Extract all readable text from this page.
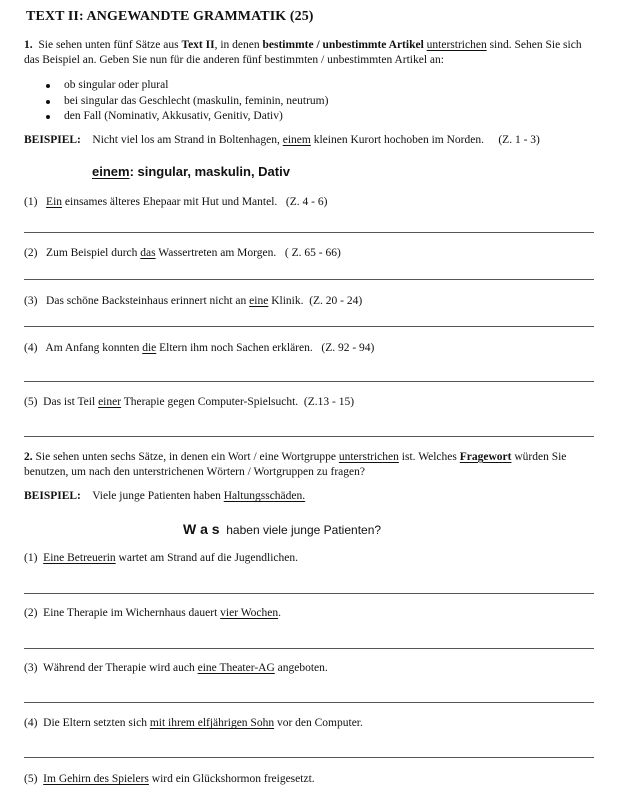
TEXT II: ANGEWANDTE GRAMMATIK (25)
1. Sie sehen unten fünf Sätze aus Text II, in denen bestimmte / unbestimmte Artikel unterstrichen sind. Sehen Sie sich das Beispiel an. Geben Sie nun für die anderen fünf bestimmten / unbestimmten Artikel an:
ob singular oder plural
bei singular das Geschlecht (maskulin, feminin, neutrum)
den Fall (Nominativ, Akkusativ, Genitiv, Dativ)
BEISPIEL: Nicht viel los am Strand in Boltenhagen, einem kleinen Kurort hochoben im Norden. (Z. 1 - 3)
einem: singular, maskulin, Dativ
(1) Ein einsames älteres Ehepaar mit Hut und Mantel. (Z. 4 - 6)
(2) Zum Beispiel durch das Wassertreten am Morgen. ( Z. 65 - 66)
(3) Das schöne Backsteinhaus erinnert nicht an eine Klinik. (Z. 20 - 24)
(4) Am Anfang konnten die Eltern ihm noch Sachen erklären. (Z. 92 - 94)
(5) Das ist Teil einer Therapie gegen Computer-Spielsucht. (Z.13 - 15)
2. Sie sehen unten sechs Sätze, in denen ein Wort / eine Wortgruppe unterstrichen ist. Welches Fragewort würden Sie benutzen, um nach den unterstrichenen Wörtern / Wortgruppen zu fragen?
BEISPIEL: Viele junge Patienten haben Haltungsschäden.
W a s haben viele junge Patienten?
(1) Eine Betreuerin wartet am Strand auf die Jugendlichen.
(2) Eine Therapie im Wichernhaus dauert vier Wochen.
(3) Während der Therapie wird auch eine Theater-AG angeboten.
(4) Die Eltern setzten sich mit ihrem elfjährigen Sohn vor den Computer.
(5) Im Gehirn des Spielers wird ein Glückshormon freigesetzt.
